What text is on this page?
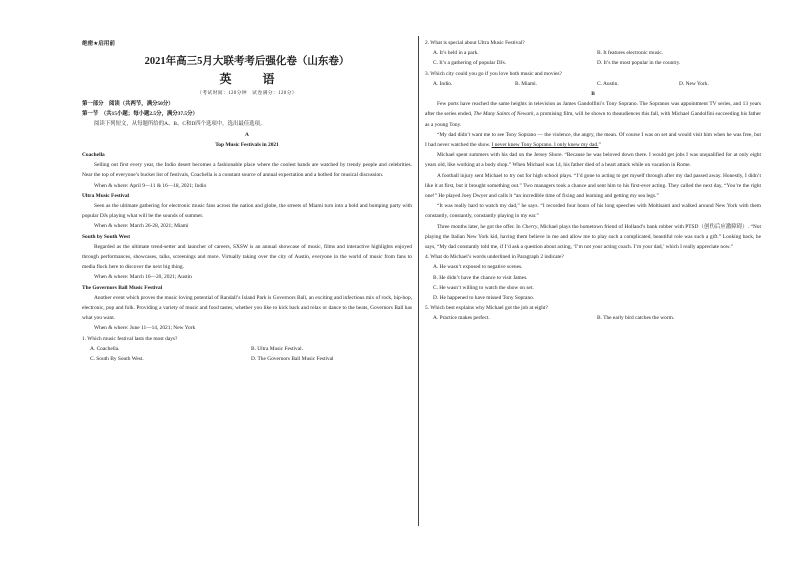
绝密★启用前

2021年高三5月大联考考后强化卷（山东卷）

英 语

（考试时间：120分钟　试卷满分：120分）

第一部分　阅读（共两节，满分50分）

第一节　（共15小题；每小题2.5分，满分37.5分）

阅读下列短文，从每题所给的A、B、C和D四个选项中，选出最佳选项。

A

Top Music Festivals in 2021

Coachella

Selling out first every year, the Indio desert becomes a fashionable place where the coolest bands are watched by trendy people and celebrities. Near the top of everyone’s bucket list of festivals, Coachella is a constant source of annual expectation and a hotbed for musical discussion.

When & where: April 9—11 & 16—18, 2021; Indio

Ultra Music Festival

Seen as the ultimate gathering for electronic music fans across the nation and globe, the streets of Miami turn into a bold and bumping party with popular DJs playing what will be the sounds of summer.

When & where: March 26-28, 2021; Miami

South by South West

Regarded as the ultimate trend-setter and launcher of careers, SXSW is an annual showcase of music, films and interactive highlights enjoyed through performances, showcases, talks, screenings and more. Virtually taking over the city of Austin, everyone in the world of music from fans to media flock here to discover the next big thing.

When & where: March 16—20, 2021; Austin

The Governors Ball Music Festival

Another event which proves the music loving potential of Randall’s Island Park is Governors Ball, an exciting and infectious mix of rock, hip-hop, electronic, pop and folk. Providing a variety of music and food tastes, whether you like to kick back and relax or dance to the beats, Governors Ball has what you want.

When & where: June 11—14, 2021; New York

1. Which music festival lasts the most days?

A. Coachella.	B. Ultra Music Festival.
C. South By South West.	D. The Governors Ball Music Festival

2. What is special about Ultra Music Festival?

A. It’s held in a park.	B. It features electronic music.
C. It’s a gathering of popular DJs.	D. It’s the most popular in the country.

3. Which city could you go if you love both music and movies?

A. Indio.	B. Miami.	C. Austin.	D. New York.

B

Few ports have reached the same heights in television as James Gandolfini’s Tony Soprano. The Sopranos was appointment TV series, and 13 years after the series ended, The Many Saints of Newark, a promising film, will be shown to theaudiences this fall, with Michael Gandolfini succeeding his father as a young Tony.

“My dad didn’t want me to see Tony Soprano — the violence, the angry, the mean. Of course I was on set and would visit him when he was free, but I had never watched the show. I never knew Tony Soprano. I only knew my dad.”

Michael spent summers with his dad on the Jersey Shore. “Because he was beloved down there. I would get jobs I was unqualified for at only eight years old, like working at a body shop.” When Michael was 14, his father died of a heart attack while on vacation in Rome.

A football injury sent Michael to try out for high school plays. “I’d gone to acting to get myself through after my dad passed away. Honestly, I didn’t like it at first, but it brought something out.” Two managers took a chance and sent him to his first-ever acting. They called the next day, “You’re the right one!” He played Joey Dwyer and calls it “an incredible time of fixing and learning and getting my sea legs.”

“It was really hard to watch my dad,” he says. “I recorded four hours of his long speeches with Moltisanti and walked around New York with them constantly, constantly, constantly playing in my ear.”

Three months later, he got the offer. In Cherry, Michael plays the hometown friend of Holland’s bank robber with PTSD（创伤后应激障碍）. “Not playing the Italian New York kid, having them believe in me and allow me to play such a complicated, beautiful role was such a gift.” Looking back, he says, “My dad constantly told me, if I’d ask a question about acting, ‘I’m not your acting coach. I’m your dad,’ which I really appreciate now.”

4. What do Michael’s words underlined in Paragraph 2 indicate?

A. He wasn’t exposed to negative scenes.

B. He didn’t have the chance to visit James.

C. He wasn’t willing to watch the show on set.

D. He happened to have missed Tony Soprano.

5. Which best explains why Michael got the job at eight?

A. Practice makes perfect.	B. The early bird catches the worm.
